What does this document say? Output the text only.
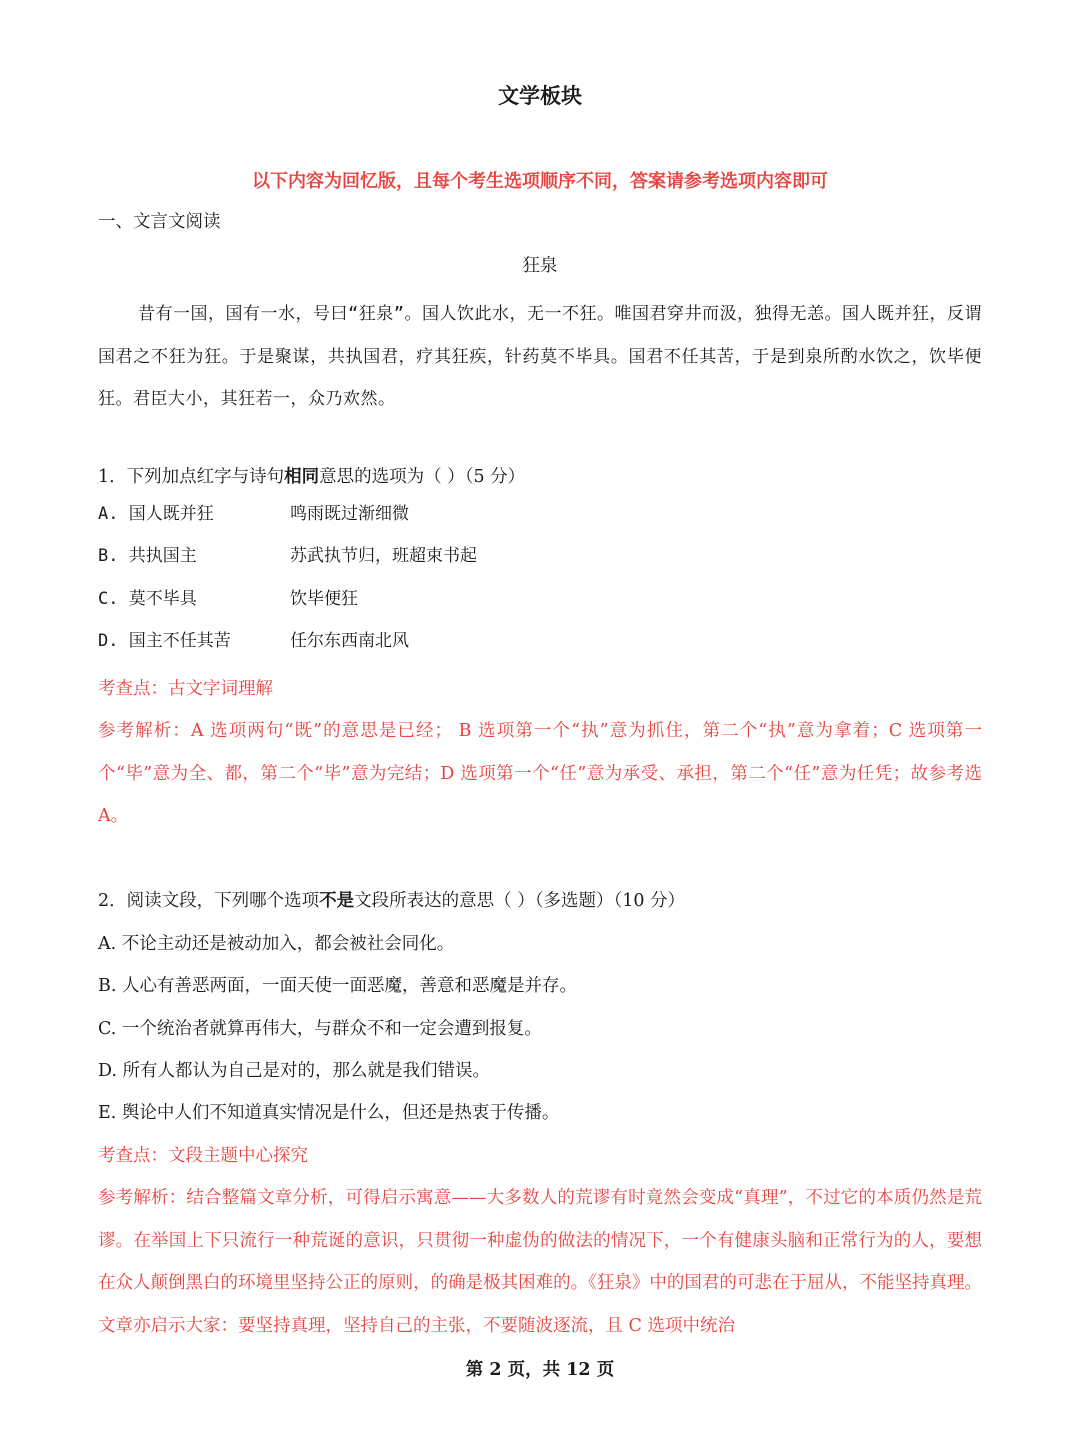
文学板块
以下内容为回忆版，且每个考生选项顺序不同，答案请参考选项内容即可
一、文言文阅读
狂泉
昔有一国，国有一水，号曰“狂泉”。国人饮此水，无一不狂。唯国君穿井而汲，独得无恙。国人既并狂，反谓国君之不狂为狂。于是聚谋，共执国君，疗其狂疾，针药莫不毕具。国君不任其苦，于是到泉所酌水饮之，饮毕便狂。君臣大小，其狂若一，众乃欢然。
1．下列加点红字与诗句相同意思的选项为（ ）（5 分）
A. 国人既并狂	鸣雨既过渐细微
B. 共执国主	苏武执节归，班超束书起
C. 莫不毕具	饮毕便狂
D. 国主不任其苦	任尔东西南北风
考查点：古文字词理解
参考解析：A 选项两句“既”的意思是已经； B 选项第一个“执”意为抓住，第二个“执”意为拿着；C 选项第一个“毕”意为全、都，第二个“毕”意为完结；D 选项第一个“任”意为承受、承担，第二个“任”意为任凭；故参考选 A。
2．阅读文段，下列哪个选项不是文段所表达的意思（ ）（多选题）（10 分）
A. 不论主动还是被动加入，都会被社会同化。
B. 人心有善恶两面，一面天使一面恶魔，善意和恶魔是并存。
C. 一个统治者就算再伟大，与群众不和一定会遭到报复。
D. 所有人都认为自己是对的，那么就是我们错误。
E. 舆论中人们不知道真实情况是什么，但还是热衷于传播。
考查点：文段主题中心探究
参考解析：结合整篇文章分析，可得启示寓意——大多数人的荒谬有时竟然会变成“真理”，不过它的本质仍然是荒谬。在举国上下只流行一种荒诞的意识，只贯彻一种虚伪的做法的情况下，一个有健康头脑和正常行为的人，要想在众人颠倒黑白的环境里坚持公正的原则，的确是极其困难的。《狂泉》中的国君的可悲在于屈从，不能坚持真理。文章亦启示大家：要坚持真理，坚持自己的主张，不要随波逐流，且 C 选项中统治
第 2 页，共 12 页
